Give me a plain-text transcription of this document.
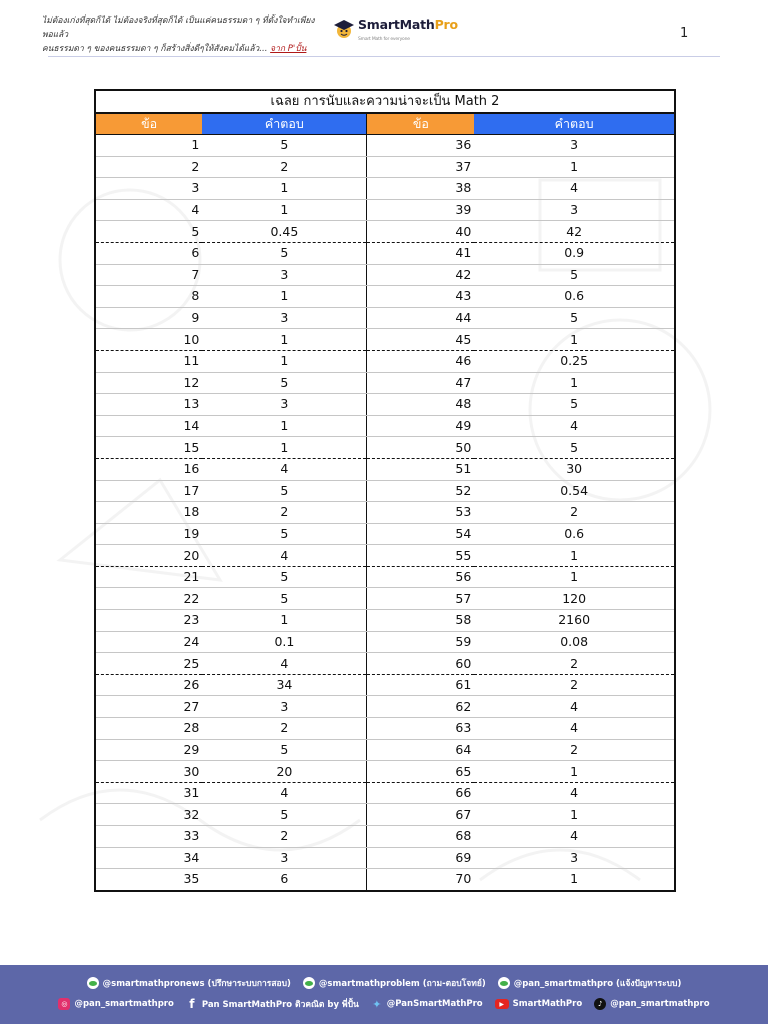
ไม่ต้องเก่งที่สุดก็ได้ ไม่ต้องจริงที่สุดก็ได้ เป็นแค่คนธรรมดา ๆ ที่ตั้งใจทำเพียงพอแล้ว
คนธรรมดา ๆ ของคนธรรมดา ๆ ก็สร้างสิ่งดีๆให้สังคมได้แล้ว... จาก P'ปั้น
SmartMathPro
Smart Math for everyone	1
เฉลย การนับและความน่าจะเป็น Math 2
ข้อ	คำตอบ	ข้อ	คำตอบ
1	5	36	3
2	2	37	1
3	1	38	4
4	1	39	3
5	0.45	40	42
6	5	41	0.9
7	3	42	5
8	1	43	0.6
9	3	44	5
10	1	45	1
11	1	46	0.25
12	5	47	1
13	3	48	5
14	1	49	4
15	1	50	5
16	4	51	30
17	5	52	0.54
18	2	53	2
19	5	54	0.6
20	4	55	1
21	5	56	1
22	5	57	120
23	1	58	2160
24	0.1	59	0.08
25	4	60	2
26	34	61	2
27	3	62	4
28	2	63	4
29	5	64	2
30	20	65	1
31	4	66	4
32	5	67	1
33	2	68	4
34	3	69	3
35	6	70	1
@smartmathpronews (ปรึกษาระบบการสอบ)	@smartmathproblem (ถาม-ตอบโจทย์)	@pan_smartmathpro (แจ้งปัญหาระบบ)
◎ @pan_smartmathpro f Pan SmartMathPro ติวคณิต by พี่ปั้น ✦ @PanSmartMathPro	▶	SmartMathPro	♪ @pan_smartmathpro
